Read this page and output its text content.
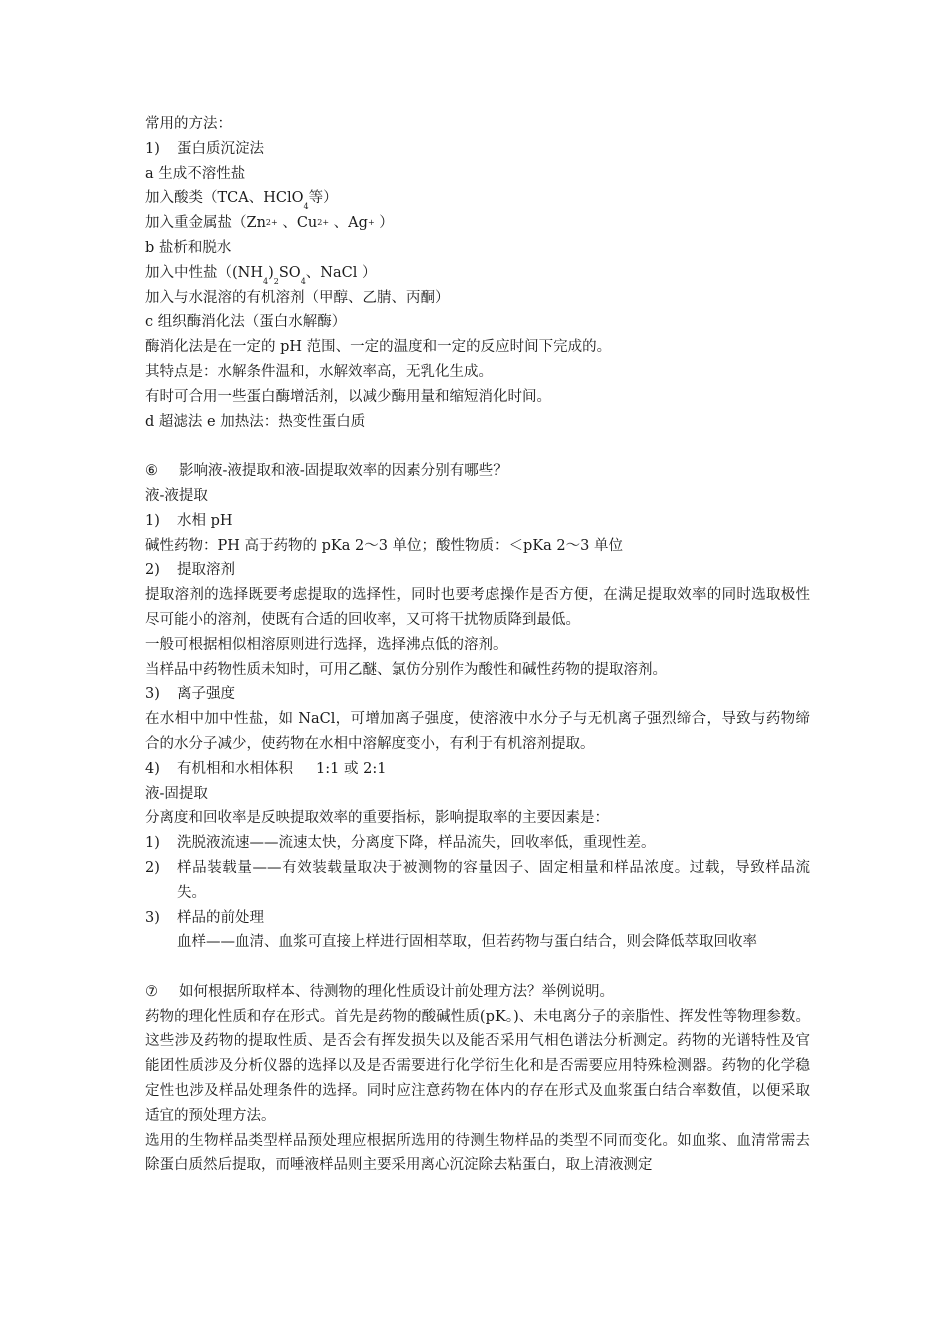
常用的方法：
1) 蛋白质沉淀法
a 生成不溶性盐
加入酸类（TCA、HClO$_4$等）
加入重金属盐（Zn2+ 、Cu2+ 、Ag+ ）
b 盐析和脱水
加入中性盐（$(NH_4)_2SO_4$、NaCl ）
加入与水混溶的有机溶剂（甲醇、乙腈、丙酮）
c 组织酶消化法（蛋白水解酶）
酶消化法是在一定的 pH 范围、一定的温度和一定的反应时间下完成的。
其特点是：水解条件温和，水解效率高，无乳化生成。
有时可合用一些蛋白酶增活剂，以减少酶用量和缩短消化时间。
d 超滤法 e 加热法：热变性蛋白质
⑥ 影响液-液提取和液-固提取效率的因素分别有哪些？
液-液提取
1) 水相 pH
碱性药物：PH 高于药物的 pKa 2～3 单位；酸性物质：＜pKa 2～3 单位
2) 提取溶剂
提取溶剂的选择既要考虑提取的选择性，同时也要考虑操作是否方便，在满足提取效率的同时选取极性尽可能小的溶剂，使既有合适的回收率，又可将干扰物质降到最低。
一般可根据相似相溶原则进行选择，选择沸点低的溶剂。
当样品中药物性质未知时，可用乙醚、氯仿分别作为酸性和碱性药物的提取溶剂。
3) 离子强度
在水相中加中性盐，如 NaCl，可增加离子强度，使溶液中水分子与无机离子强烈缔合，导致与药物缔合的水分子减少，使药物在水相中溶解度变小，有利于有机溶剂提取。
4) 有机相和水相体积     1:1 或 2:1
液-固提取
分离度和回收率是反映提取效率的重要指标，影响提取率的主要因素是：
1)	洗脱液流速——流速太快，分离度下降，样品流失，回收率低，重现性差。
2)	样品装载量——有效装载量取决于被测物的容量因子、固定相量和样品浓度。过载，导致样品流失。
3)	样品的前处理
血样——血清、血浆可直接上样进行固相萃取，但若药物与蛋白结合，则会降低萃取回收率
⑦ 如何根据所取样本、待测物的理化性质设计前处理方法？举例说明。
药物的理化性质和存在形式。首先是药物的酸碱性质(pK。)、未电离分子的亲脂性、挥发性等物理参数。这些涉及药物的提取性质、是否会有挥发损失以及能否采用气相色谱法分析测定。药物的光谱特性及官能团性质涉及分析仪器的选择以及是否需要进行化学衍生化和是否需要应用特殊检测器。药物的化学稳定性也涉及样品处理条件的选择。同时应注意药物在体内的存在形式及血浆蛋白结合率数值，以便采取适宜的预处理方法。
选用的生物样品类型样品预处理应根据所选用的待测生物样品的类型不同而变化。如血浆、血清常需去除蛋白质然后提取，而唾液样品则主要采用离心沉淀除去粘蛋白，取上清液测定
